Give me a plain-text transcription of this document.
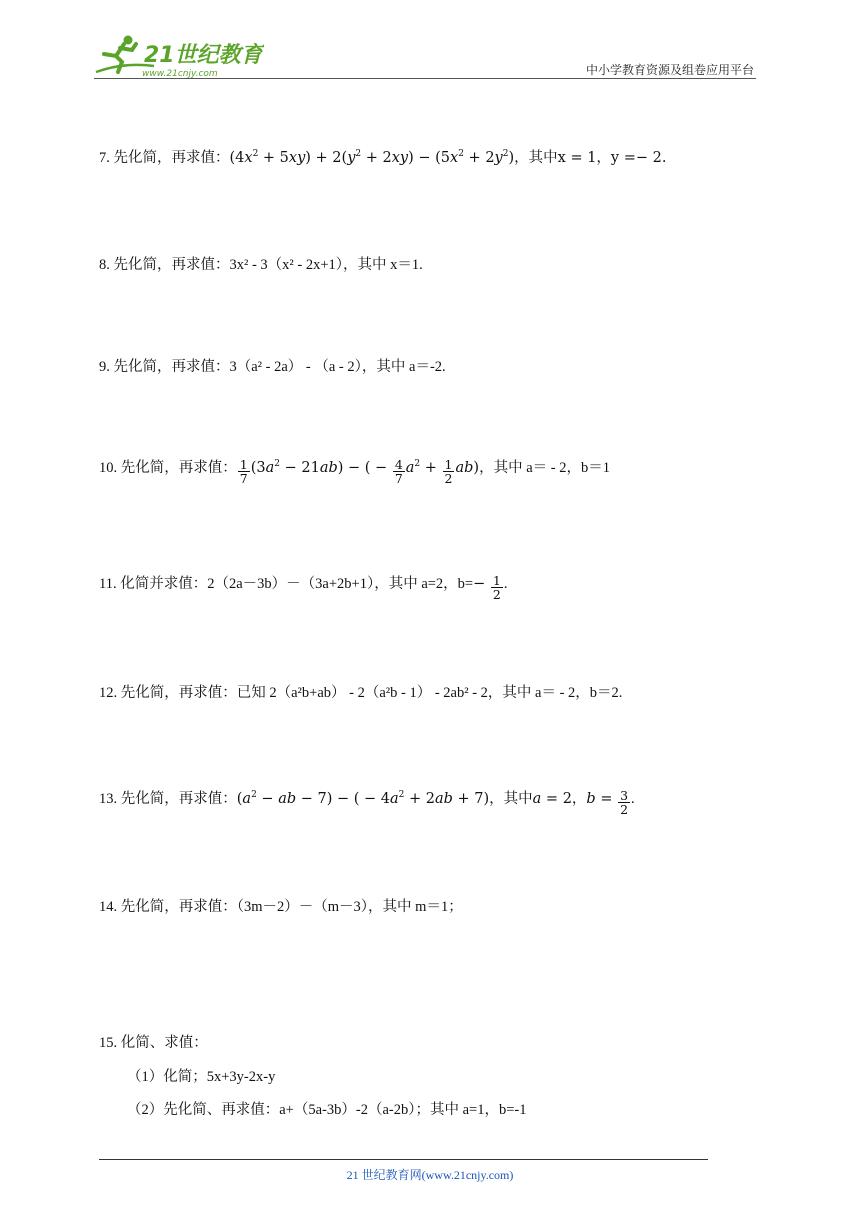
21世纪教育
www.21cnjy.com	中小学教育资源及组卷应用平台
7. 先化简，再求值：$(4x^2 + 5xy) + 2(y^2 + 2xy) - (5x^2 + 2y^2)$，其中x = 1，y =− 2.
8. 先化简，再求值：3x² - 3（x² - 2x+1），其中 x＝1.
9. 先化简，再求值：3（a² - 2a） - （a - 2），其中 a＝-2.
10. 先化简，再求值： $\frac{1}{7} (3a^2 - 21ab)$ − ( − $\frac{4}{7} a^2 + \frac{1}{2} ab$)，其中 a＝ - 2，b＝1
11. 化简并求值：2（2a－3b）－（3a+2b+1），其中 a=2，$b=- \frac{1}{2}$ .
12. 先化简，再求值：已知 2（a²b+ab） - 2（a²b - 1） - 2ab² - 2，其中 a＝ - 2，b＝2.
13. 先化简，再求值：($a^2$ − ab − 7) − ( − $4a^2 + 2ab + 7$)，其中a = 2，$b = \frac{3}{2}$ .
14. 先化简，再求值：（3m－2）－（m－3），其中 m＝1；
15. 化简、求值：
（1）化简；5x+3y-2x-y
（2）先化简、再求值：a+（5a-3b）-2（a-2b）；其中 a=1，b=-1
21 世纪教育网(www.21cnjy.com)
